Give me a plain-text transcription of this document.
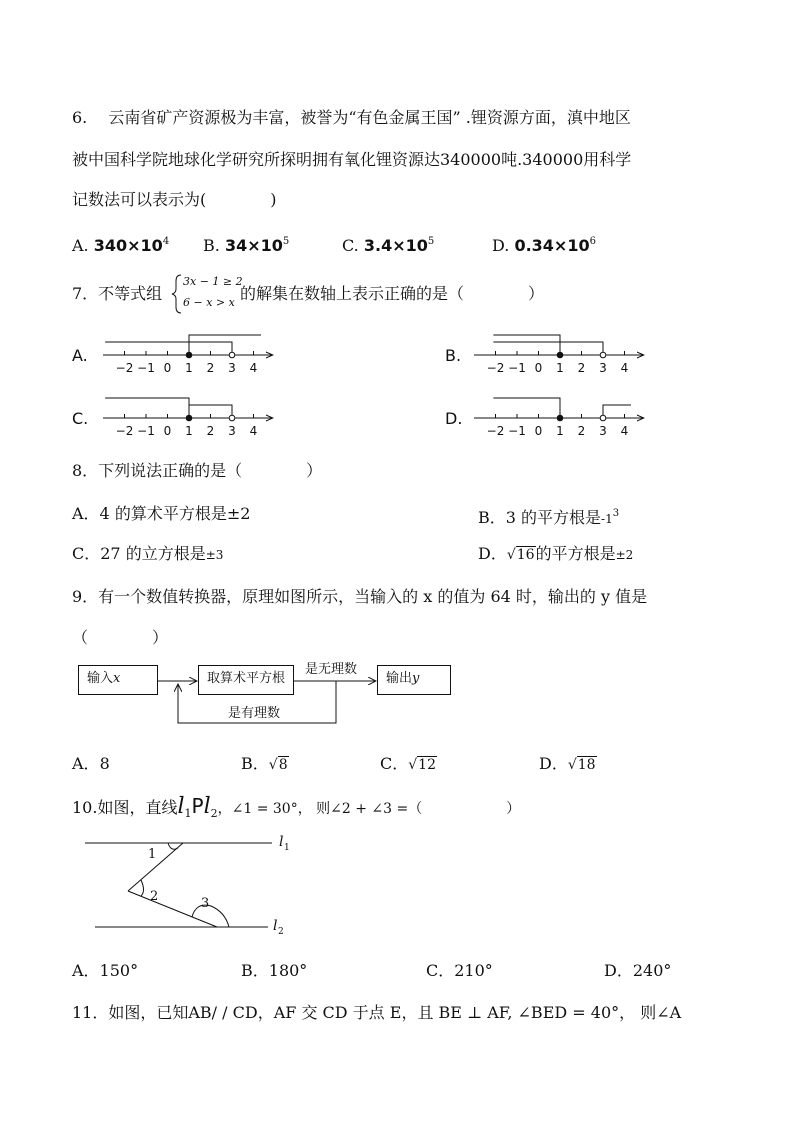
6.　 云南省矿产资源极为丰富，被誉为“有色金属王国” .锂资源方面，滇中地区
被中国科学院地球化学研究所探明拥有氧化锂资源达340000吨.340000用科学
记数法可以表示为(　　　　)
A. $340\times 10^4$ B. $34\times 10^5$	C. $3.4\times 10^5$	D. $0.34\times 10^6$
7．不等式组
3x − 1 ≥ 2
6 − x > x 的解集在数轴上表示正确的是（　　　　）
A.	B.
C.	D.
−2 −1 0 1 2 3 4	−2 −1 0 1 2 3 4
−2 −1 0 1 2 3 4	−2 −1 0 1 2 3 4
8．下列说法正确的是（　　　　）
A．4 的算术平方根是±2	B．3 的平方根是$-1^3$
C．27 的立方根是±3	D．√16的平方根是±2
9．有一个数值转换器，原理如图所示，当输入的 x 的值为 64 时，输出的 y 值是
（　　　　）
输入x	取算术平方根	输出y
是无理数
是有理数
A．8	B．√8	C．√12	D．√18
10.如图，直线$l_1Pl_2$，∠1 = 30°， 则∠2 + ∠3 =（　　　　　　）
1
2	3
l 1
l 2
A．150°	B．180°	C．210°	D．240°
11．如图，已知AB/ / CD，AF 交 CD 于点 E，且 BE ⊥ AF, ∠BED = 40°， 则∠A
